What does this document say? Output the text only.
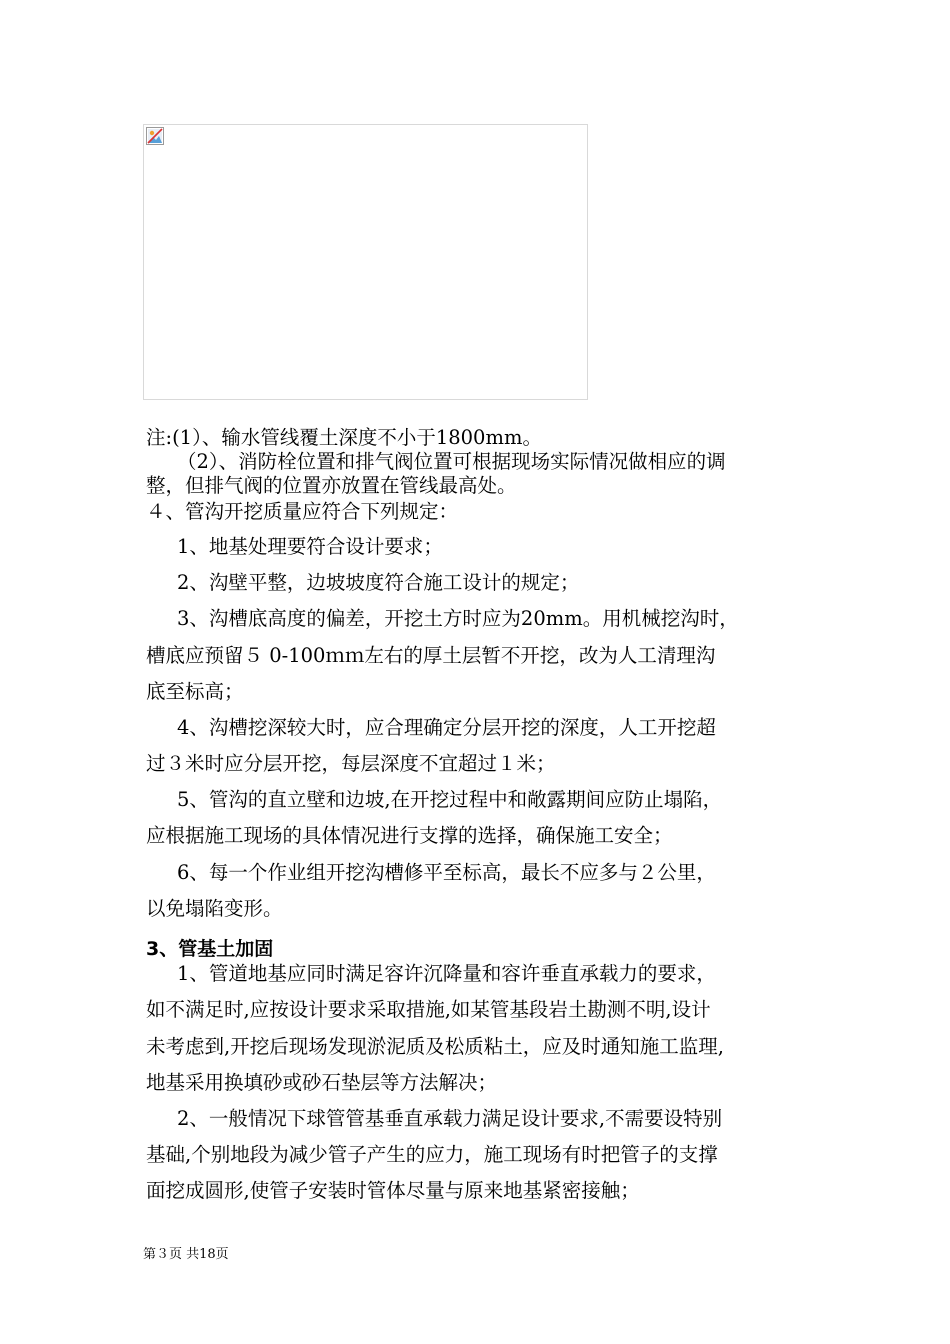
注:(1）、输水管线覆土深度不小于1800mm。
（2）、消防栓位置和排气阀位置可根据现场实际情况做相应的调
整，但排气阀的位置亦放置在管线最高处。
４、管沟开挖质量应符合下列规定：
1、地基处理要符合设计要求；
2、沟壁平整，边坡坡度符合施工设计的规定；
3、沟槽底高度的偏差，开挖土方时应为20mm。用机械挖沟时，
槽底应预留５ 0-100ｍｍ左右的厚土层暂不开挖，改为人工清理沟
底至标高；
4、沟槽挖深较大时，应合理确定分层开挖的深度，人工开挖超
过３米时应分层开挖，每层深度不宜超过１米；
5、管沟的直立壁和边坡,在开挖过程中和敞露期间应防止塌陷，
应根据施工现场的具体情况进行支撑的选择，确保施工安全；
6、每一个作业组开挖沟槽修平至标高，最长不应多与２公里，
以免塌陷变形。
3、管基土加固
1、管道地基应同时满足容许沉降量和容许垂直承载力的要求，
如不满足时,应按设计要求采取措施,如某管基段岩土勘测不明,设计
未考虑到,开挖后现场发现淤泥质及松质粘土，应及时通知施工监理,
地基采用换填砂或砂石垫层等方法解决；
2、一般情况下球管管基垂直承载力满足设计要求,不需要设特别
基础,个别地段为减少管子产生的应力，施工现场有时把管子的支撑
面挖成圆形,使管子安装时管体尽量与原来地基紧密接触；
第３页 共18页
